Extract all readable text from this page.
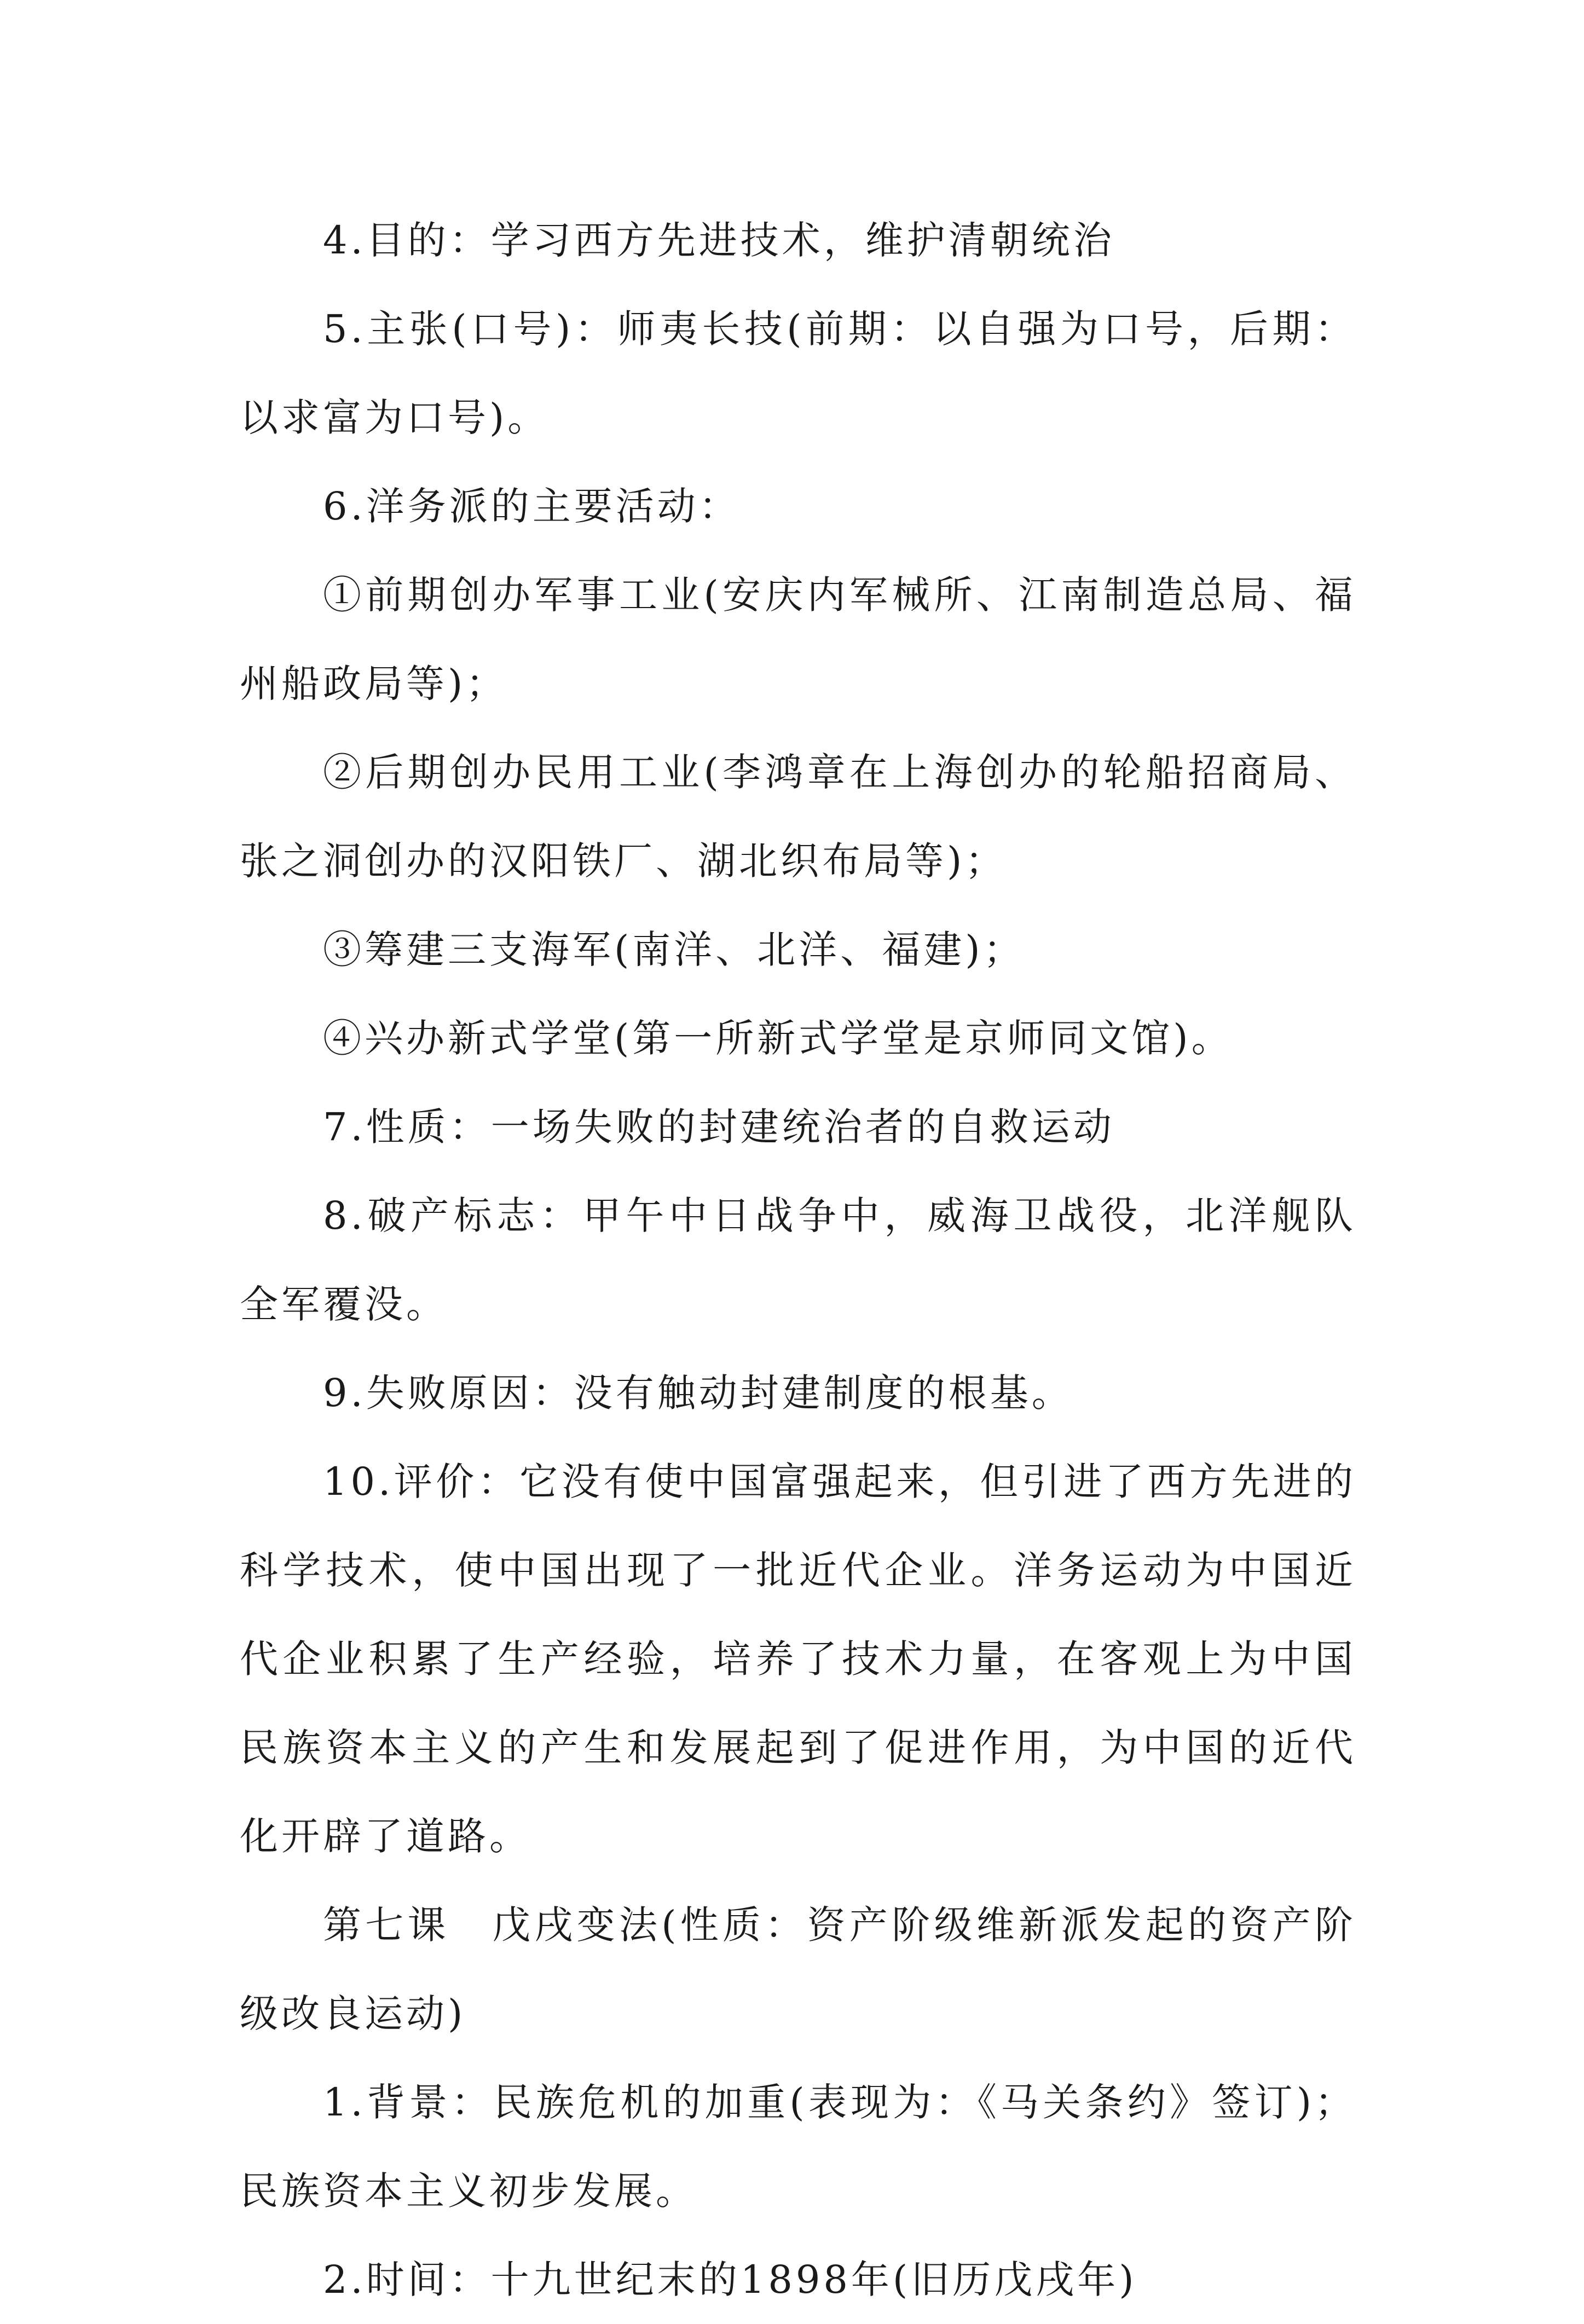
4.目的：学习西方先进技术，维护清朝统治

5.主张(口号)：师夷长技(前期：以自强为口号，后期：以求富为口号)。

6.洋务派的主要活动：

①前期创办军事工业(安庆内军械所、江南制造总局、福州船政局等)；

②后期创办民用工业(李鸿章在上海创办的轮船招商局、张之洞创办的汉阳铁厂、湖北织布局等)；

③筹建三支海军(南洋、北洋、福建)；

④兴办新式学堂(第一所新式学堂是京师同文馆)。

7.性质：一场失败的封建统治者的自救运动

8.破产标志：甲午中日战争中，威海卫战役，北洋舰队全军覆没。

9.失败原因：没有触动封建制度的根基。

10.评价：它没有使中国富强起来，但引进了西方先进的科学技术，使中国出现了一批近代企业。洋务运动为中国近代企业积累了生产经验，培养了技术力量，在客观上为中国民族资本主义的产生和发展起到了促进作用，为中国的近代化开辟了道路。

第七课　戊戌变法(性质：资产阶级维新派发起的资产阶级改良运动)

1.背景：民族危机的加重(表现为：《马关条约》签订)；民族资本主义初步发展。

2.时间：十九世纪末的1898年(旧历戊戌年)
